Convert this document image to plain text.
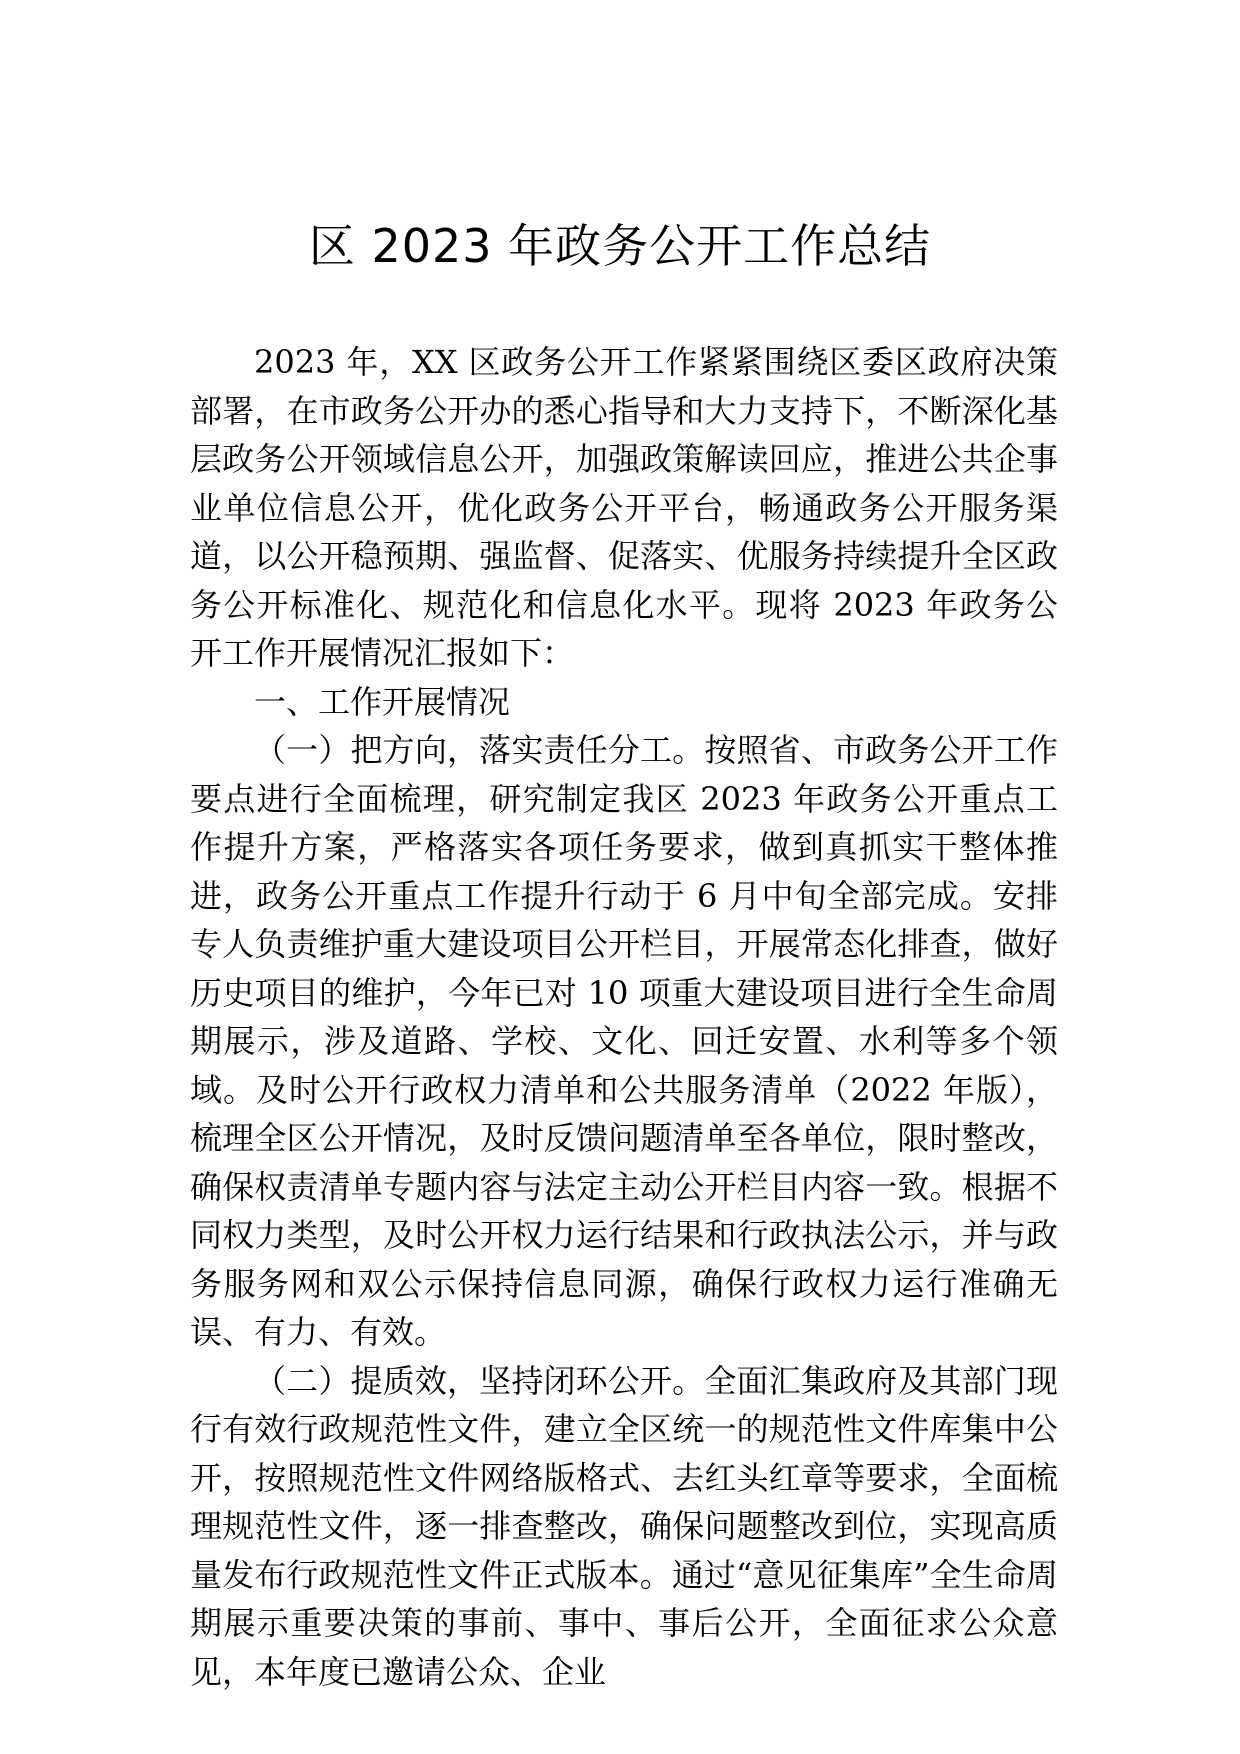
区 2023 年政务公开工作总结

2023 年，XX 区政务公开工作紧紧围绕区委区政府决策部署，在市政务公开办的悉心指导和大力支持下，不断深化基层政务公开领域信息公开，加强政策解读回应，推进公共企事业单位信息公开，优化政务公开平台，畅通政务公开服务渠道，以公开稳预期、强监督、促落实、优服务持续提升全区政务公开标准化、规范化和信息化水平。现将 2023 年政务公开工作开展情况汇报如下：

一、工作开展情况

（一）把方向，落实责任分工。按照省、市政务公开工作要点进行全面梳理，研究制定我区 2023 年政务公开重点工作提升方案，严格落实各项任务要求，做到真抓实干整体推进，政务公开重点工作提升行动于 6 月中旬全部完成。安排专人负责维护重大建设项目公开栏目，开展常态化排查，做好历史项目的维护，今年已对 10 项重大建设项目进行全生命周期展示，涉及道路、学校、文化、回迁安置、水利等多个领域。及时公开行政权力清单和公共服务清单（2022 年版），梳理全区公开情况，及时反馈问题清单至各单位，限时整改，确保权责清单专题内容与法定主动公开栏目内容一致。根据不同权力类型，及时公开权力运行结果和行政执法公示，并与政务服务网和双公示保持信息同源，确保行政权力运行准确无误、有力、有效。

（二）提质效，坚持闭环公开。全面汇集政府及其部门现行有效行政规范性文件，建立全区统一的规范性文件库集中公开，按照规范性文件网络版格式、去红头红章等要求，全面梳理规范性文件，逐一排查整改，确保问题整改到位，实现高质量发布行政规范性文件正式版本。通过“意见征集库”全生命周期展示重要决策的事前、事中、事后公开，全面征求公众意见，本年度已邀请公众、企业
